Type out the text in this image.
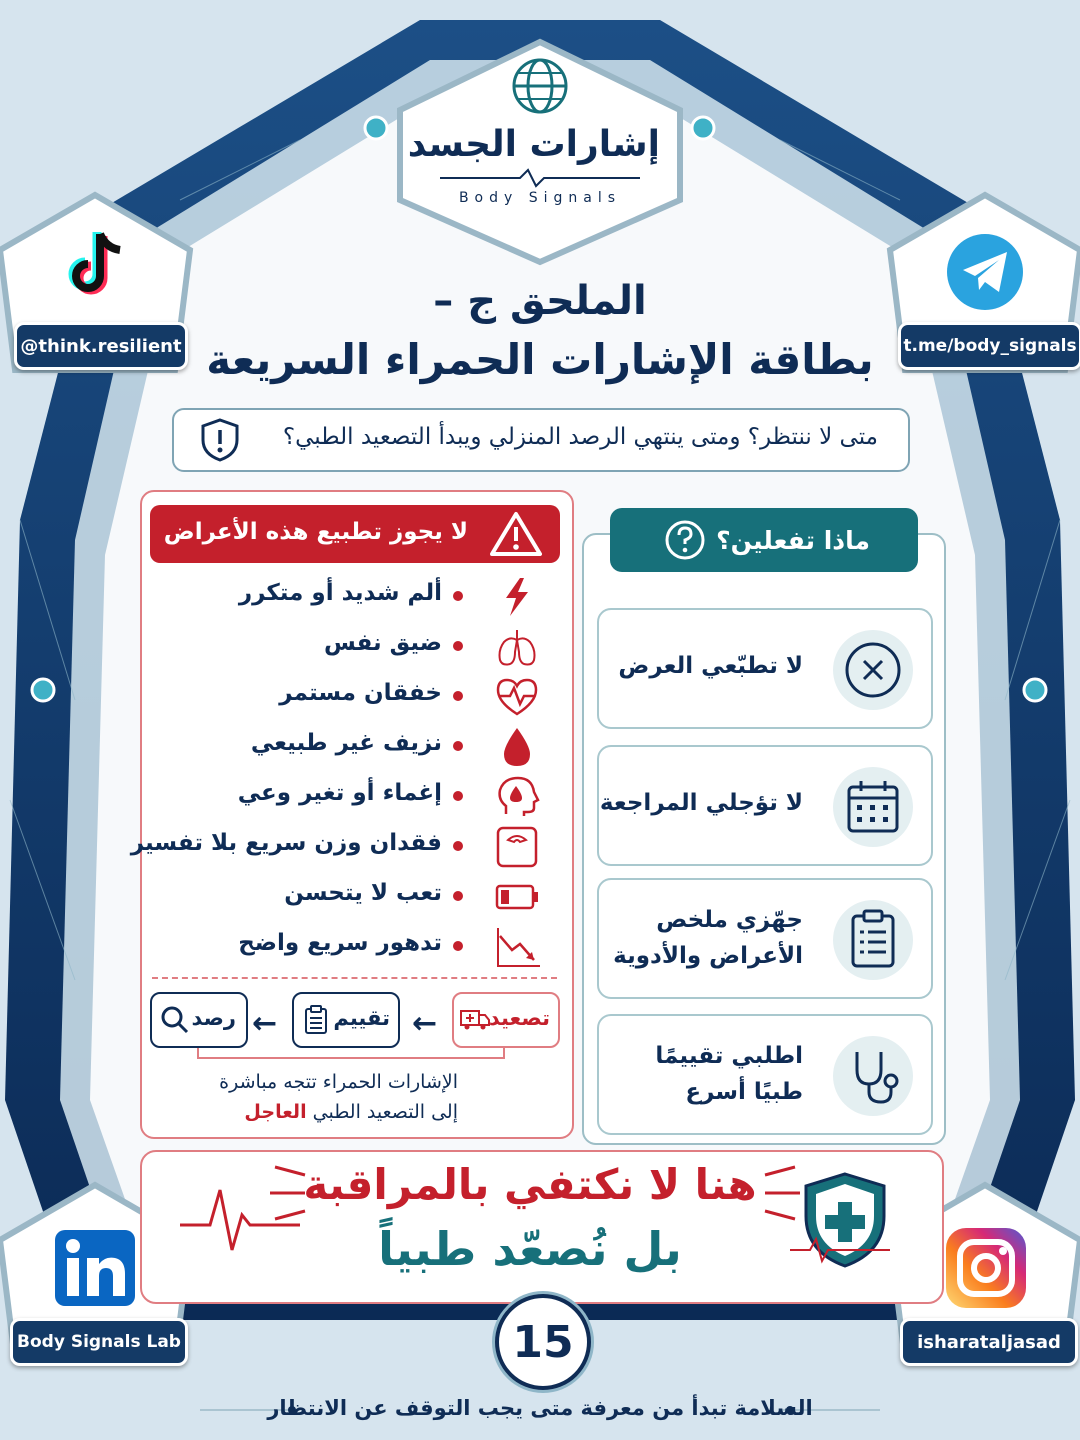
إشارات الجسد
Body Signals
@think.resilient	t.me/body_signals
Body Signals Lab	isharataljasad
الملحق ج –
بطاقة الإشارات الحمراء السريعة
متى لا ننتظر؟ ومتى ينتهي الرصد المنزلي ويبدأ التصعيد الطبي؟
لا يجوز تطبيع هذه الأعراض
ألم شديد أو متكرر
ضيق نفس
خفقان مستمر
نزيف غير طبيعي
إغماء أو تغير وعي
فقدان وزن سريع بلا تفسير
تعب لا يتحسن
تدهور سريع واضح
تصعيد
←
تقييم
←
رصد
الإشارات الحمراء تتجه مباشرة
إلى التصعيد الطبي العاجل
ماذا تفعلين؟
لا تطبّعي العرض
لا تؤجلي المراجعة
جهّزي ملخص
الأعراض والأدوية
اطلبي تقييمًا
طبيًا أسرع
هنا لا نكتفي بالمراقبة
بل نُصعّد طبياً
15
السلامة تبدأ من معرفة متى يجب التوقف عن الانتظار
